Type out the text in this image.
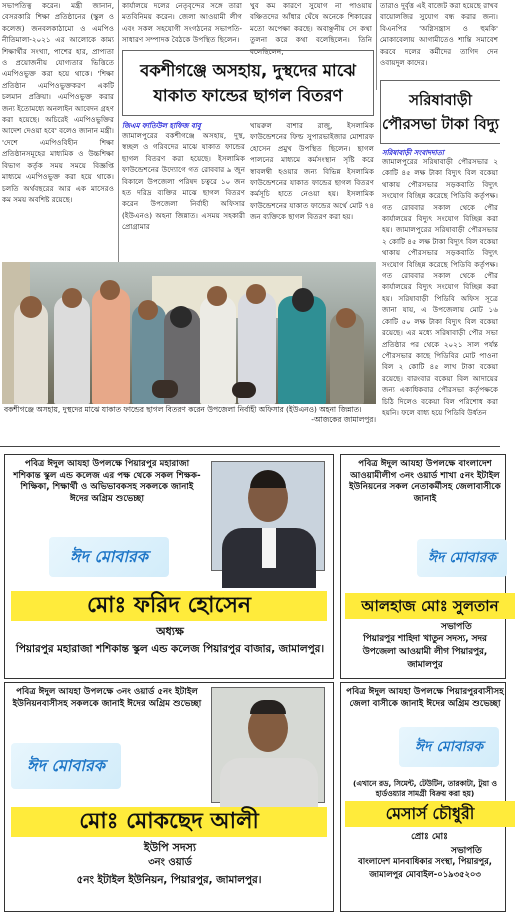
সভাপতিত্ব করেন। মন্ত্রী জানান, বেসরকারি শিক্ষা প্রতিষ্ঠানের (স্কুল ও কলেজ) জনবলকাঠামো ও এমপিও নীতিমালা-২০২১ এর আলোকে কাম্য শিক্ষার্থীর সংখ্যা, পাশের হার, প্রাপ্যতা ও প্রয়োজনীয় যোগ্যতার ভিত্তিতে এমপিওভুক্ত করা হয়ে থাকে। 'শিক্ষা প্রতিষ্ঠান এমপিওভুক্তকরণ একটি চলমান প্রক্রিয়া। এমপিওভুক্ত করার জন্য ইতোমধ্যে অনলাইন আবেদন গ্রহণ করা হয়েছে। অচিরেই এমপিওভুক্তির আদেশ দেওয়া হবে' বলেও জানান মন্ত্রী। 'দেশে এমপিওবিহীন শিক্ষা প্রতিষ্ঠানসমূহের মাধ্যমিক ও উচ্চশিক্ষা বিভাগ কর্তৃক সময় সময়ে বিজ্ঞপ্তি মাধ্যমে এমপিওভুক্ত করা হয়ে থাকে। চলতি অর্থবছরের আর এক মাসেরও কম সময় অবশিষ্ট রয়েছে।
কার্যালয়ে দলের নেতৃবৃন্দের সঙ্গে তারা মতবিনিময় করেন। জেলা আওয়ামী লীগ এবং সকল সহযোগী সংগঠনের সভাপতি-সাধারণ সম্পাদক বৈঠকে উপস্থিত ছিলেন।
খুব কম কারণে সুযোগ না পাওয়ায় বঞ্চিতদের আঁধার ঘেঁষে অনেকে শিকারের মতো অপেক্ষা করছে। অবাঞ্ছনীয় সে কথা তুলনা করে কথা বলেছিলেন। তিনি বলেছিলেন,
তারাও দুর্বৃত্ত এই বাজেট করা হয়েছে রাখব বায়োলজির সুযোগ বন্ধ করার জন্য। বিএনপির 'অগ্নিসন্ত্রাস ও হুমকি' মোকাবেলায় আগামীতেও শান্তি সমাবেশ করবে দলের কর্মীদের তাগিদ দেন ওবায়দুল কাদের।
বকশীগঞ্জে অসহায়, দুস্থদের মাঝে যাকাত ফান্ডের ছাগল বিতরণ
জিএম ফাতিউল হাফিজ বাবু
জামালপুরের বকশীগঞ্জে অসহায়, দুস্থ, স্বচ্ছল ও গরিবদের মাঝে যাকাত ফান্ডের ছাগল বিতরণ করা হয়েছে। ইসলামিক ফাউন্ডেশনের উদ্যোগে গত রোববার ৯ জুন বিকালে উপজেলা পরিষদ চত্বরে ১০ জন হত দরিদ্র ব্যক্তির মাঝে ছাগল বিতরণ করেন উপজেলা নির্বাহী অফিসার (ইউএনও) অহনা জিন্নাত। এসময় সহকারী প্রোগ্রামার
খায়রুল বাশার রাজু, ইসলামিক ফাউন্ডেশনের ফিল্ড সুপারভাইজার মোশারফ হোসেন প্রমুখ উপস্থিত ছিলেন। ছাগল পালনের মাধ্যমে কর্মসংস্থান সৃষ্টি করে স্বাবলম্বী হওয়ার জন্য বিভিন্ন ইসলামিক ফাউন্ডেশনের যাকাত ফান্ডের ছাগল বিতরণ কর্মসূচি হাতে নেওয়া হয়। ইসলামিক ফাউন্ডেশনের যাকাত ফান্ডের অর্থে মোট ৭৪ জন ব্যক্তিকে ছাগল বিতরণ করা হয়।
সরিষাবাড়ী পৌরসভা টাকা বিদ্যু
সরিষাবাড়ী সংবাদদাতা
জামালপুরের সরিষাবাড়ী পৌরসভার ২ কোটি ৪৫ লক্ষ টাকা বিদ্যুৎ বিল বকেয়া থাকায় পৌরসভার সড়কবাতি বিদ্যুৎ সংযোগ বিচ্ছিন্ন করেছে পিডিবি কর্তৃপক্ষ। গত রোববার সকাল থেকে পৌর কার্যালয়ের বিদ্যুৎ সংযোগ বিচ্ছিন্ন করা হয়। জামালপুরের সরিষাবাড়ী পৌরসভার ২ কোটি ৪৫ লক্ষ টাকা বিদ্যুৎ বিল বকেয়া থাকায় পৌরসভার সড়কবাতি বিদ্যুৎ সংযোগ বিচ্ছিন্ন করেছে পিডিবি কর্তৃপক্ষ। গত রোববার সকাল থেকে পৌর কার্যালয়ের বিদ্যুৎ সংযোগ বিচ্ছিন্ন করা হয়। সরিষাবাড়ী পিডিবি অফিস সূত্রে জানা যায়, এ উপজেলায় মোট ১৬ কোটি ৫০ লক্ষ টাকা বিদ্যুৎ বিল বকেয়া রয়েছে। এর মধ্যে সরিষাবাড়ী পৌর সভা প্রতিষ্ঠার পর থেকে ২০২১ সাল পর্যন্ত পৌরসভার কাছে পিডিবির মোট পাওনা বিল ২ কোটি ৪৫ লাখ টাকা বকেয়া রয়েছে। বারংবার বকেয়া বিল আদায়ের জন্য একাধিকবার পৌরসভা কর্তৃপক্ষকে চিঠি দিলেও বকেয়া বিল পরিশোধ করা হয়নি। ফলে বাধ্য হয়ে পিডিবি উর্ধতন
বকশীগঞ্জে অসহায়, দুস্থদের মাঝে যাকাত ফান্ডের ছাগল বিতরণ করেন উপজেলা নির্বাহী অফিসার (ইউএনও) অহনা জিন্নাত।
-আজকের জামালপুর।
পবিত্র ঈদুল আযহা উপলক্ষে পিয়ারপুর মহারাজা শশিকান্ত স্কুল এন্ড কলেজ এর পক্ষ থেকে সকল শিক্ষক-শিক্ষিকা, শিক্ষার্থী ও অভিভাবকসহ সকলকে জানাই ঈদের অগ্রিম শুভেচ্ছা
ঈদ মোবারক
মোঃ ফরিদ হোসেন
অধ্যক্ষ
পিয়ারপুর মহারাজা শশিকান্ত স্কুল এন্ড কলেজ পিয়ারপুর বাজার, জামালপুর।
পবিত্র ঈদুল আযহা উপলক্ষে বাংলাদেশ আওয়ামীলীগ ৩নং ওয়ার্ড শাখা ৫নং ইটাইল ইউনিয়নের সকল নেতাকর্মীসহ জেলাবাসীকে জানাই
ঈদ মোবারক
আলহাজ মোঃ সুলতান
সভাপতি
পিয়ারপুর শাহিদা খাতুন সদস্য, সদর উপজেলা আওয়ামী লীগ পিয়ারপুর, জামালপুর
পবিত্র ঈদুল আযহা উপলক্ষে ৩নং ওয়ার্ড ৫নং ইটাইল ইউনিয়নবাসীসহ সকলকে জানাই ঈদের অগ্রিম শুভেচ্ছা
ঈদ মোবারক
মোঃ মোকছেদ আলী
ইউপি সদস্য
৩নং ওয়ার্ড
৫নং ইটাইল ইউনিয়ন, পিয়ারপুর, জামালপুর।
পবিত্র ঈদুল আযহা উপলক্ষে পিয়ারপুরবাসীসহ জেলা বাসীকে জানাই ঈদের অগ্রিম শুভেচ্ছা
ঈদ মোবারক
(এখানে রড, সিমেন্ট, টেউটিন, তারকাটা, টুয়া ও হার্ডওয়্যার সামগ্রী বিক্রয় করা হয়)
মেসার্স চৌধুরী
প্রোঃ মোঃ
সভাপতি
বাংলাদেশ মানবাধিকার সংস্থা, পিয়ারপুর, জামালপুর মোবাইল-০১৯৩৫২০৩
